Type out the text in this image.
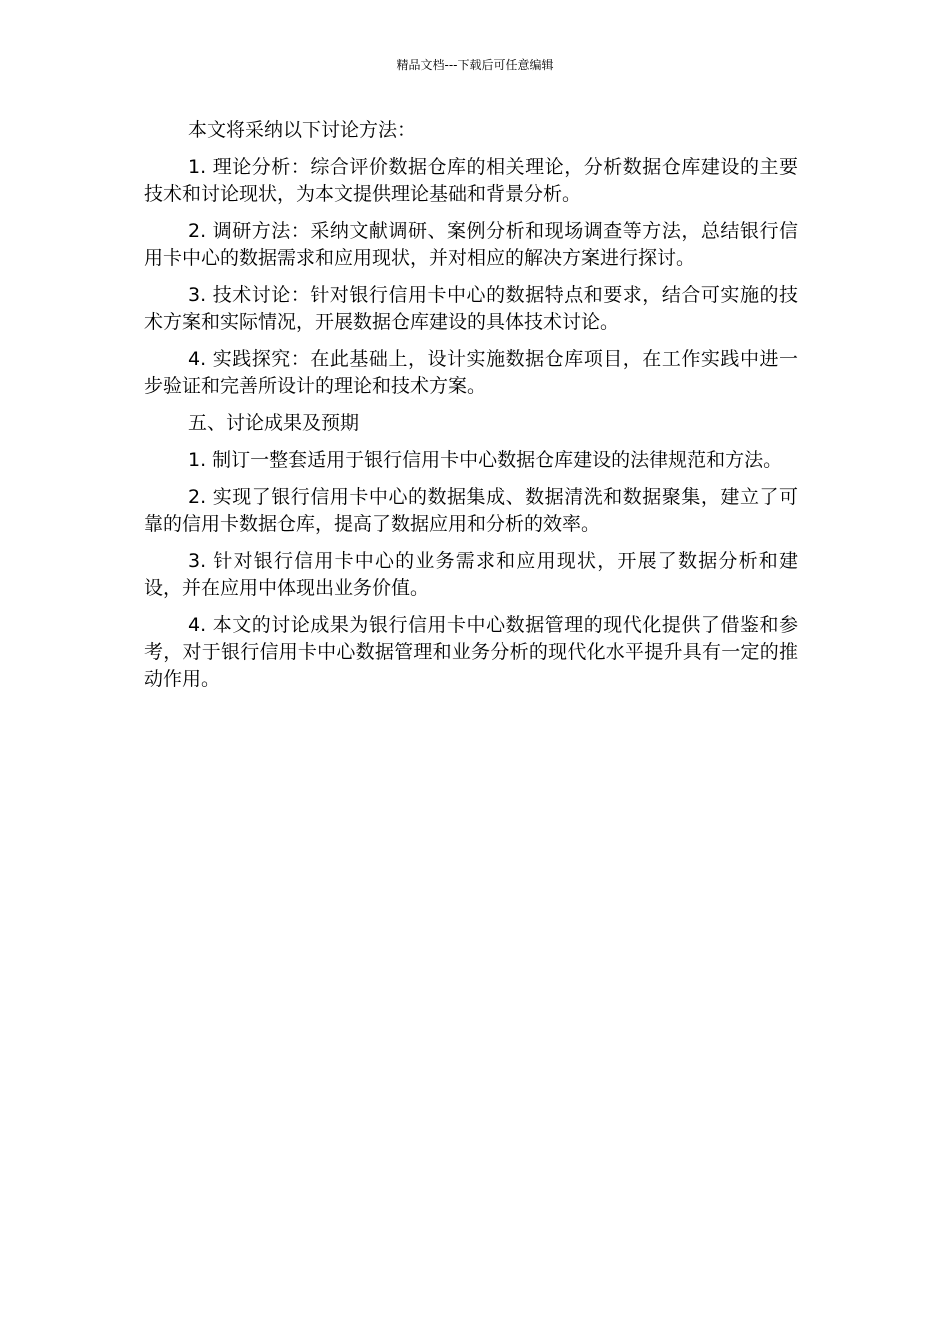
精品文档---下载后可任意编辑

本文将采纳以下讨论方法：

1. 理论分析：综合评价数据仓库的相关理论，分析数据仓库建设的主要技术和讨论现状，为本文提供理论基础和背景分析。

2. 调研方法：采纳文献调研、案例分析和现场调查等方法，总结银行信用卡中心的数据需求和应用现状，并对相应的解决方案进行探讨。

3. 技术讨论：针对银行信用卡中心的数据特点和要求，结合可实施的技术方案和实际情况，开展数据仓库建设的具体技术讨论。

4. 实践探究：在此基础上，设计实施数据仓库项目，在工作实践中进一步验证和完善所设计的理论和技术方案。

五、讨论成果及预期

1. 制订一整套适用于银行信用卡中心数据仓库建设的法律规范和方法。

2. 实现了银行信用卡中心的数据集成、数据清洗和数据聚集，建立了可靠的信用卡数据仓库，提高了数据应用和分析的效率。

3. 针对银行信用卡中心的业务需求和应用现状，开展了数据分析和建设，并在应用中体现出业务价值。

4. 本文的讨论成果为银行信用卡中心数据管理的现代化提供了借鉴和参考，对于银行信用卡中心数据管理和业务分析的现代化水平提升具有一定的推动作用。
